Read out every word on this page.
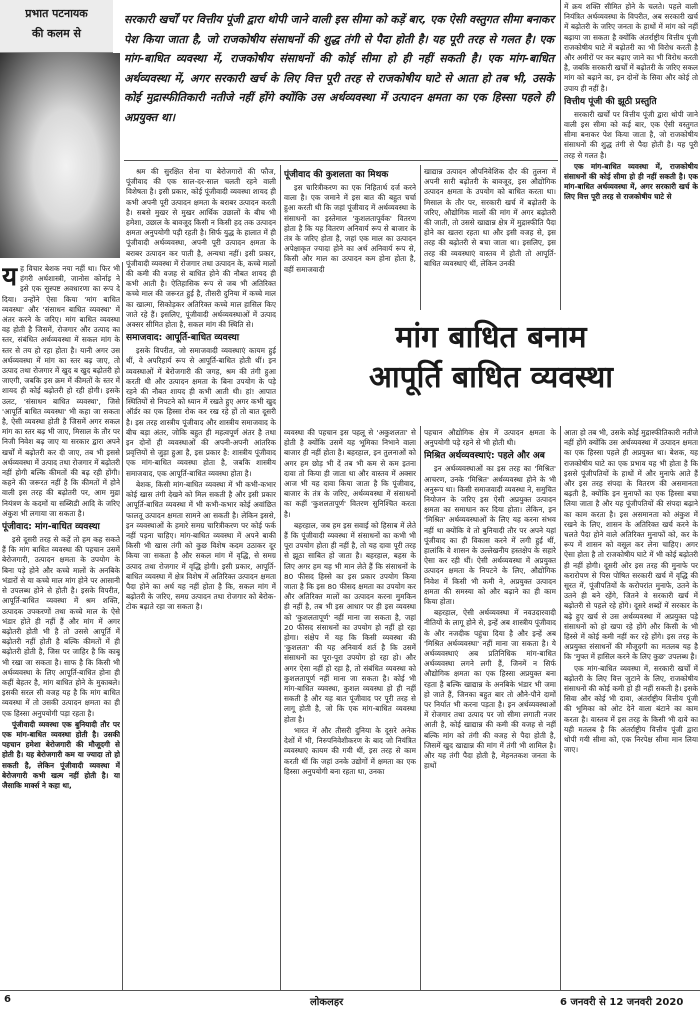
प्रभात पटनायक
की कलम से
सरकारी खर्चों पर वित्तीय पूंजी द्वारा थोपी जाने वाली इस सीमा को कड़ें बार, एक ऐसी वस्तुगत सीमा बनाकर पेश किया जाता है, जो राजकोषीय संसाधनों की शुद्ध तंगी से पैदा होती है। यह पूरी तरह से गलत है। एक मांग-बाधित व्यवस्था में, राजकोषीय संसाधनों की कोई सीमा हो ही नहीं सकती है। एक मांग-बाधित अर्थव्यवस्था में, अगर सरकारी खर्च के लिए वित्त पूरी तरह से राजकोषीय घाटे से आता हो तब भी, उसके कोई मुद्रास्फीतिकारी नतीजे नहीं होंगे क्योंकि उस अर्थव्यवस्था में उत्पादन क्षमता का एक हिस्सा पहले ही अप्रयुक्त था।

यह विचार बेशक नया नहीं था। फिर भी हंगरी अर्थशास्त्री, जानोस कोर्नाइ ने इसे एक सुस्पष्ट अवधारणा का रूप दे दिया। उन्होंने ऐसा किया 'मांग बाधित व्यवस्था' और 'संसाधन बाधित व्यवस्था' में अंतर करने के जरिए। मांग बाधित व्यवस्था वह होती है जिसमें, रोजगार और उत्पाद का स्तर, संबंधित अर्थव्यवस्था में सकल मांग के स्तर से तय हो रहा होता है। यानी अगर उस अर्थव्यवस्था में मांग का स्तर बढ़ जाए, तो उत्पाद तथा रोजगार में खुद ब खुद बढ़ोतरी हो जाएगी, जबकि इस क्रम में कीमतों के स्तर में शायद ही कोई बढ़ोतरी हो रही होगी। इसके उलट, 'संसाधन बाधित व्यवस्था', जिसे 'आपूर्ति बाधित व्यवस्था' भी कहा जा सकता है, ऐसी व्यवस्था होती है जिसमें अगर सकल मांग का स्तर बढ़ भी जाए, मिसाल के तौर पर निजी निवेश बढ़ जाए या सरकार द्वारा अपने खर्चों में बढ़ोतरी कर दी जाए, तब भी इससे अर्थव्यवस्था में उत्पाद तथा रोजगार में बढ़ोतरी नहीं होगी बल्कि कीमतों की बढ़ रही होंगी। कहने की जरूरत नहीं है कि कीमतों में होने वाली इस तरह की बढ़ोतरी पर, आम मुद्रा नियंत्रण के कदमों या सब्सिडी आदि के जरिए अंकुश भी लगाया जा सकता है।

पूंजीवाद: मांग-बाधित व्यवस्था

इसे दूसरी तरह से कहें तो हम कह सकते हैं कि मांग बाधित व्यवस्था की पहचान उसमें बेरोजगारी, उत्पादन क्षमता के उपयोग के बिना पड़े होने और कच्चे मालों के अनबिके भंडारों से या कच्चे माल मांग होने पर आसानी से उपलब्ध होने से होती है। इसके विपरीत, आपूर्ति-बाधित व्यवस्था में श्रम शक्ति, उत्पादक उपकरणों तथा कच्चे माल के ऐसे भंडार होते ही नहीं हैं और मांग में अगर बढ़ोतरी होती भी है तो उससे आपूर्ति में बढ़ोतरी नहीं होती है बल्कि कीमतों में ही बढ़ोतरी होती है, जिस पर जाहिर है कि काबू भी रखा जा सकता है। साफ है कि किसी भी अर्थव्यवस्था के लिए आपूर्ति-बाधित होना ही कहीं बेहतर है, मांग बाधित होने के मुकाबले। इसकी सरल सी वजह यह है कि मांग बाधित व्यवस्था में तो उसकी उत्पादन क्षमता का ही एक हिस्सा अनुपयोगी पड़ा रहता है।

पूंजीवादी व्यवस्था एक बुनियादी तौर पर एक मांग-बाधित व्यवस्था होती है। उसकी पहचान हमेशा बेरोजगारी की मौजूदगी से होती है। यह बेरोजगारी कम या ज्यादा तो हो सकती है, लेकिन पूंजीवादी व्यवस्था में बेरोजगारी कभी खत्म नहीं होती है। या जैसाकि मार्क्स ने कहा था,

श्रम की सुरक्षित सेना या बेरोजगारों की फौज, पूंजीवाद की एक साल-दर-साल चलती रहने वाली विशेषता है। इसी प्रकार, कोई पूंजीवादी व्यवस्था शायद ही कभी अपनी पूरी उत्पादन क्षमता के बराबर उत्पादन करती है। सबसे मुखर से मुखर आर्थिक उछालों के बीच भी हमेशा, उछाल के बावजूद किसी न किसी हद तक उत्पादन क्षमता अनुपयोगी पड़ी रहती है। सिर्फ युद्ध के हालात में ही पूंजीवादी अर्थव्यवस्था, अपनी पूरी उत्पादन क्षमता के बराबर उत्पादन कर पाती है, अन्यथा नहीं। इसी प्रकार, पूंजीवादी व्यवस्था में रोजगार तथा उत्पादन के, कच्चे मालों की कमी की वजह से बाधित होने की नौबत शायद ही कभी आती है। ऐतिहासिक रूप से जब भी अतिरिक्त कच्चे माल की जरूरत हुई है, तीसरी दुनिया में कच्चे माल का खात्मा, सिकोड़कर अतिरिक्त कच्चे माल हासिल किए जाते रहे हैं। इसलिए, पूंजीवादी अर्थव्यवस्थाओं में उत्पाद अक्सर सीमित होता है, सकल मांग की स्थिति से।

समाजवाद: आपूर्ति-बाधित व्यवस्था

इसके विपरीत, जो समाजवादी व्यवस्थाएं कायम हुई थीं, वे अपरिहार्य रूप से आपूर्ति-बाधित होती थीं। इन व्यवस्थाओं में बेरोजगारी की जगह, श्रम की तंगी हुआ करती थी और उत्पादन क्षमता के बिना उपयोग के पड़े रहने की नौबत शायद ही कभी आती थी। हां! आपात स्थितियों से निपटने को ध्यान में रखते हुए अगर कभी खुद ऑर्डर का एक हिस्सा रोक कर रख रहे हों तो बात दूसरी है। इस तरह शास्त्रीय पूंजीवाद और शास्त्रीय समाजवाद के बीच बड़ा अंतर, जोकि बहुत ही महत्वपूर्ण अंतर है तथा इन दोनों ही व्यवस्थाओं की अपनी-अपनी आंतरिक प्रवृत्तियों से जुड़ा हुआ है, इस प्रकार है: शास्त्रीय पूंजीवाद एक मांग-बाधित व्यवस्था होता है, जबकि शास्त्रीय समाजवाद, एक आपूर्ति-बाधित व्यवस्था होता है।

बेशक, किसी मांग-बाधित व्यवस्था में भी कभी-कभार कोई खास तंगी देखने को मिल सकती है और इसी प्रकार आपूर्ति-बाधित व्यवस्था में भी कभी-कभार कोई अवांछित फालतू उत्पादन क्षमता सामने आ सकती है। लेकिन इससे, इन व्यवस्थाओं के हमारे समग्र चारित्रीकरण पर कोई फर्क नहीं पड़ना चाहिए। मांग-बाधित व्यवस्था में अपने बाकी किसी भी खास तंगी को कुछ विशेष कदम उठाकर दूर किया जा सकता है और सकल मांग में वृद्धि, से समग्र उत्पाद तथा रोजगार में वृद्धि होगी। इसी प्रकार, आपूर्ति-बाधित व्यवस्था में क्षेत्र विशेष में अतिरिक्त उत्पादन क्षमता पैदा होने का अर्थ यह नहीं होता है कि, सकल मांग में बढ़ोतरी के जरिए, समग्र उत्पादन तथा रोजगार को बेरोक-टोक बढ़ाते रहा जा सकता है।

पूंजीवाद की कुशलता का मिथक

इस चारित्रीकरण का एक निहितार्थ दर्ज करने वाला है। एक जमाने में इस बात की बहुत चर्चा हुआ करती थी कि जहां पूंजीवाद में अर्थव्यवस्था के संसाधनों का इस्तेमाल 'कुशलतापूर्वक' वितरण होता है कि यह वितरण अनिवार्य रूप से बाजार के तंत्र के जरिए होता है, जहां एक माल का उत्पादन अपेक्षाकृत ज्यादा होने का अर्थ अनिवार्य रूप से, किसी और माल का उत्पादन कम होना होता है, वहीं समाजवादी

खाद्यान्न उत्पादन औपनिवेशिक दौर की तुलना में अपनी सारी बढ़ोतरी के बावजूद, इस औद्योगिक उत्पादन क्षमता के उपयोग को बाधित करता था। मिसाल के तौर पर, सरकारी खर्च में बढ़ोतरी के जरिए, औद्योगिक मालों की मांग में अगर बढ़ोतरी की जाती, तो उससे खाद्यान्न क्षेत्र में मुद्रास्फीति पैदा होने का खतरा रहता था और इसी वजह से, इस तरह की बढ़ोतरी से बचा जाता था। इसलिए, इस तरह की व्यवस्थाएं वास्तव में होती तो आपूर्ति-बाधित व्यवस्थाएं थीं, लेकिन उनकी

में क्रय शक्ति सीमित होने के चलते। पहले वाली नियंत्रित अर्थव्यवस्था के विपरीत, अब सरकारी खर्च में बढ़ोतरी के जरिए जनता के हाथों में मांग को नहीं बढ़ाया जा सकता है क्योंकि अंतर्राष्ट्रीय वित्तीय पूंजी राजकोषीय घाटे में बढ़ोतरी का भी विरोध करती है और अमीरों पर कर बढ़ाए जाने का भी विरोध करती है, जबकि सरकारी खर्चों में बढ़ोतरी के जरिए सकल मांग को बढ़ाने का, इन दोनों के सिवा और कोई तो उपाय ही नहीं है।

वित्तीय पूंजी की झूठी प्रस्तुति

सरकारी खर्चों पर वित्तीय पूंजी द्वारा थोपी जाने वाली इस सीमा को कई बार, एक ऐसी वस्तुगत सीमा बनाकर पेश किया जाता है, जो राजकोषीय संसाधनों की शुद्ध तंगी से पैदा होती है। यह पूरी तरह से गलत है।

एक मांग-बाधित व्यवस्था में, राजकोषीय संसाधनों की कोई सीमा हो ही नहीं सकती है। एक मांग-बाधित अर्थव्यवस्था में, अगर सरकारी खर्च के लिए वित्त पूरी तरह से राजकोषीय घाटे से

मांग बाधित बनाम
आपूर्ति बाधित व्यवस्था

व्यवस्था की पहचान इस पहलू से 'अकुशलता' से होती है क्योंकि उसमें यह भूमिका निभाने वाला बाजार ही नहीं होता है। बहरहाल, इन तुलनाओं को अगर हम छोड़ भी दें तब भी कम से कम इतना दावा तो किया ही जाता था और वास्तव में अक्सर आज भी यह दावा किया जाता है कि पूंजीवाद, बाजार के तंत्र के जरिए, अर्थव्यवस्था में संसाधनों का कहीं 'कुशलतापूर्ण' वितरण सुनिश्चित करता है।

बहरहाल, जब हम इस सवाई को हिसाब में लेते हैं कि पूंजीवादी व्यवस्था में संसाधनों का कभी भी पूरा उपयोग होता ही नहीं है, तो यह दावा पूरी तरह से झूठा साबित हो जाता है। बहरहाल, बहस के लिए अगर हम यह भी मान लेते हैं कि संसाधनों के 80 फीसद हिस्से का इस प्रकार उपयोग किया जाता है कि इस 80 फीसद क्षमता का उपयोग कर और अतिरिक्त मालों का उत्पादन करना मुमकिन ही नहीं है, तब भी इस आधार पर ही इस व्यवस्था को 'कुशलतापूर्ण' नहीं माना जा सकता है, जहां 20 फीसद संसाधनों का उपयोग हो नहीं हो रहा होगा। संक्षेप में यह कि किसी व्यवस्था की 'कुशलता' की यह अनिवार्य शर्त है कि उसमें संसाधनों का पूरा-पूरा उपयोग हो रहा हो। और अगर ऐसा नहीं हो रहा है, तो संबंधित व्यवस्था को कुशलतापूर्ण नहीं माना जा सकता है। कोई भी मांग-बाधित व्यवस्था, कुशल व्यवस्था हो ही नहीं सकती है और यह बात पूंजीवाद पर पूरी तरह से लागू होती है, जो कि एक मांग-बाधित व्यवस्था होता है।

भारत में और तीसरी दुनिया के दूसरे अनेक देशों में भी, निरुपनिवेशीकरण के बाद जो नियंत्रित व्यवस्थाएं कायम की गयी थीं, इस तरह से काम करती थीं कि जहां उनके उद्योगों में क्षमता का एक हिस्सा अनुपयोगी बना रहता था, उनका

पहचान औद्योगिक क्षेत्र में उत्पादन क्षमता के अनुपयोगी पड़े रहने से भी होती थी।

मिश्रित अर्थव्यवस्थाएं: पहले और अब

इन अर्थव्यवस्थाओं का इस तरह का 'मिश्रित' आचरण, उनके 'मिश्रित' अर्थव्यवस्था होने के भी अनुरूप था। किसी समाजवादी व्यवस्था ने, समुचित नियोजन के जरिए इस ऐसी अप्रयुक्त उत्पादन क्षमता का समाधान कर दिया होता। लेकिन, इन 'मिश्रित' अर्थव्यवस्थाओं के लिए यह करना संभव नहीं था क्योंकि वे तो बुनियादी तौर पर अपने यहां पूंजीवाद का ही विकास करने में लगी हुई थीं, हालांकि वे शासन के उल्लेखनीय हस्तक्षेप के सहारे ऐसा कर रही थीं। ऐसी अर्थव्यवस्था में अप्रयुक्त उत्पादन क्षमता के निपटने के लिए, औद्योगिक निवेश में किसी भी कमी ने, अप्रयुक्त उत्पादन क्षमता की समस्या को और बढ़ाने का ही काम किया होता।

बहरहाल, ऐसी अर्थव्यवस्था में नवउदारवादी नीतियों के लागू होने से, इन्हें अब शास्त्रीय पूंजीवाद के और नजदीक पहुंचा दिया है और इन्हें अब 'मिश्रित अर्थव्यवस्था' नहीं माना जा सकता है। ये अर्थव्यवस्थाएं अब प्रतिनिधिक मांग-बाधित अर्थव्यवस्था लगने लगी हैं, जिनमें न सिर्फ औद्योगिक क्षमता का एक हिस्सा अप्रयुक्त बना रहता है बल्कि खाद्यान्न के अनबिके भंडार भी जमा हो जाते हैं, जिनका बहुत बार तो औने-पौने दामों पर निर्यात भी करना पड़ता है। इन अर्थव्यवस्थाओं में रोजगार तथा उत्पाद पर जो सीमा लगाती नजर आती है, कोई खाद्यान्न की कमी की वजह से नहीं बल्कि मांग को तंगी की वजह से पैदा होती है, जिसमें खुद खाद्यान्न की मांग में तंगी भी शामिल है। और यह तंगी पैदा होती है, मेहनतकश जनता के हाथों

आता हो तब भी, उसके कोई मुद्रास्फीतिकारी नतीजे नहीं होंगे क्योंकि उस अर्थव्यवस्था में उत्पादन क्षमता का एक हिस्सा पहले ही अप्रयुक्त था। बेशक, यह राजकोषीय घाटे का एक प्रभाव यह भी होता है कि इससे पूंजीपतियों के हाथों में और मुनाफे आते हैं और इस तरह संपदा के वितरण की असमानता बढ़ती है, क्योंकि इन मुनाफों का एक हिस्सा बचा लिया जाता है और यह पूंजीपतियों की संपदा बढ़ाने का काम करता है। इस असमानता को अंकुश में रखने के लिए, शासन के अतिरिक्त खर्च करने के चलते पैदा होने वाले अतिरिक्त मुनाफों को, कर के रूप में शासन को वसूल कर लेना चाहिए। अगर ऐसा होता है तो राजकोषीय घाटे में भी कोई बढ़ोतरी ही नहीं होगी। दूसरी ओर इस तरह की मुनाफे पर करारोपण से पिस पोषित सरकारी खर्च में वृद्धि की सूरत में, पूंजीपतियों के करोपरांत मुनाफे, उतने के उतने ही बने रहेंगे, जितने वे सरकारी खर्च में बढ़ोतरी से पहले रहे होंगे। दूसरे शब्दों में सरकार के बढ़े हुए खर्च से उस अर्थव्यवस्था में अप्रयुक्त पड़े संसाधनों को हो खपा रहे होंगे और किसी के भी हिस्से में कोई कमी नहीं कर रहे होंगे। इस तरह के अप्रयुक्त संसाधनों की मौजूदगी का मतलब यह है कि 'मुफ्त में हासिल करने के लिए कुछ' उपलब्ध है।

एक मांग-बाधित व्यवस्था में, सरकारी खर्चों में बढ़ोतरी के लिए वित्त जुटाने के लिए, राजकोषीय संसाधनों की कोई कमी हो ही नहीं सकती है। इसके सिवा और कोई भी दावा, अंतर्राष्ट्रीय वित्तीय पूंजी की भूमिका को ओट देने वाला बंटाने का काम करता है। वास्तव में इस तरह के किसी भी दावे का यही मतलब है कि अंतर्राष्ट्रीय वित्तीय पूंजी द्वारा थोपी गयी सीमा को, एक निरपेक्ष सीमा मान लिया जाए।

6	लोकलहर	6 जनवरी से 12 जनवरी 2020
